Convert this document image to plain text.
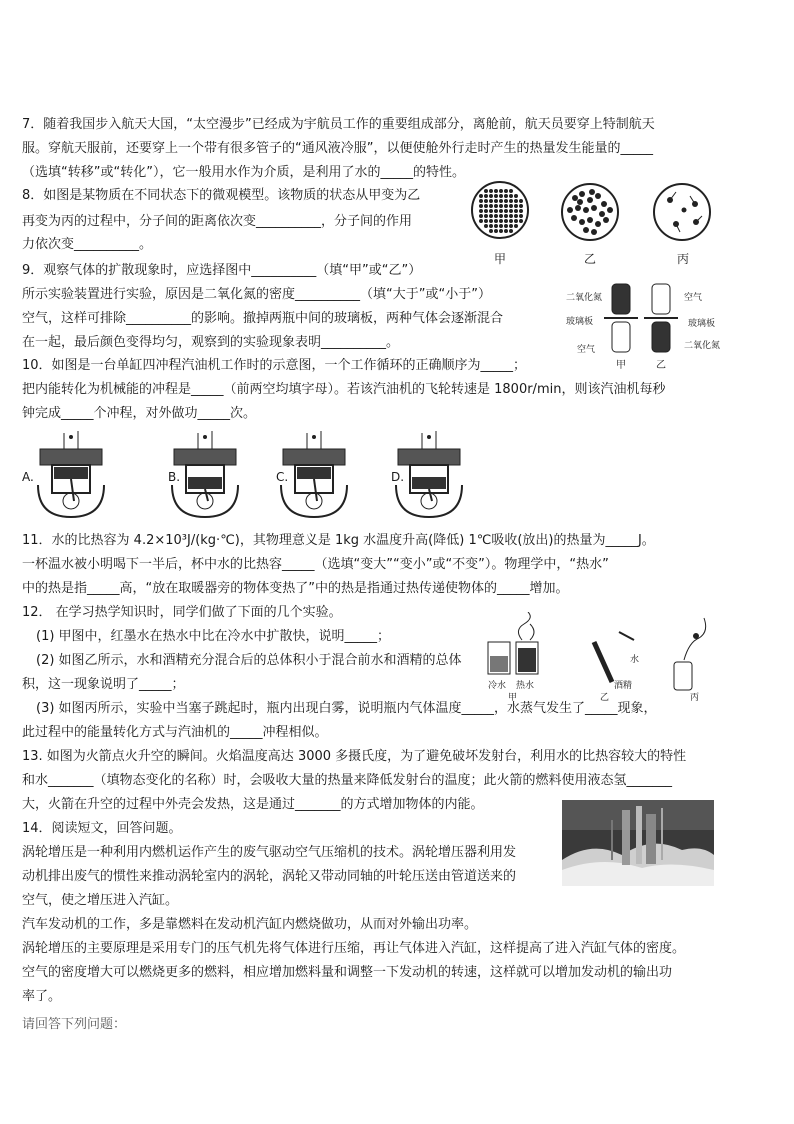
7．随着我国步入航天大国，“太空漫步”已经成为宇航员工作的重要组成部分，离舱前，航天员要穿上特制航天
服。穿航天服前，还要穿上一个带有很多管子的“通风液冷服”，以便使舱外行走时产生的热量发生能量的_____
（选填“转移”或“转化”），它一般用水作为介质，是利用了水的_____的特性。
8．如图是某物质在不同状态下的微观模型。该物质的状态从甲变为乙
再变为丙的过程中，分子间的距离依次变__________，分子间的作用
力依次变__________。
甲	乙	丙
9．观察气体的扩散现象时，应选择图中__________（填“甲”或“乙”）
所示实验装置进行实验，原因是二氧化氮的密度__________（填“大于”或“小于”）
空气，这样可排除__________的影响。撤掉两瓶中间的玻璃板，两种气体会逐渐混合
在一起，最后颜色变得均匀，观察到的实验现象表明__________。
二氧化氮
玻璃板
空气
空气
玻璃板
二氧化氮
甲	乙
10．如图是一台单缸四冲程汽油机工作时的示意图，一个工作循环的正确顺序为_____；
把内能转化为机械能的冲程是_____（前两空均填字母）。若该汽油机的飞轮转速是 1800r/min，则该汽油机每秒
钟完成_____个冲程，对外做功_____次。
A.	B.	C.	D.
11．水的比热容为 4.2×10³J/(kg·℃)，其物理意义是 1kg 水温度升高(降低) 1℃吸收(放出)的热量为_____J。
一杯温水被小明喝下一半后，杯中水的比热容_____（选填“变大”“变小”或“不变”）。物理学中，“热水”
中的热是指_____高，“放在取暖器旁的物体变热了”中的热是指通过热传递使物体的_____增加。
12． 在学习热学知识时，同学们做了下面的几个实验。
(1) 甲图中，红墨水在热水中比在冷水中扩散快，说明_____；
(2) 如图乙所示，水和酒精充分混合后的总体积小于混合前水和酒精的总体
积，这一现象说明了_____；
(3) 如图丙所示，实验中当塞子跳起时，瓶内出现白雾，说明瓶内气体温度_____，水蒸气发生了_____现象，
此过程中的能量转化方式与汽油机的_____冲程相似。
冷水 热水
水
酒精
甲	乙	丙
13. 如图为火箭点火升空的瞬间。火焰温度高达 3000 多摄氏度，为了避免破坏发射台，利用水的比热容较大的特性
和水_______（填物态变化的名称）时，会吸收大量的热量来降低发射台的温度；此火箭的燃料使用液态氢_______
大，火箭在升空的过程中外壳会发热，这是通过_______的方式增加物体的内能。
14．阅读短文，回答问题。
涡轮增压是一种利用内燃机运作产生的废气驱动空气压缩机的技术。涡轮增压器利用发
动机排出废气的惯性来推动涡轮室内的涡轮，涡轮又带动同轴的叶轮压送由管道送来的
空气，使之增压进入汽缸。
汽车发动机的工作，多是靠燃料在发动机汽缸内燃烧做功，从而对外输出功率。
涡轮增压的主要原理是采用专门的压气机先将气体进行压缩，再让气体进入汽缸，这样提高了进入汽缸气体的密度。
空气的密度增大可以燃烧更多的燃料，相应增加燃料量和调整一下发动机的转速，这样就可以增加发动机的输出功
率了。
请回答下列问题：
